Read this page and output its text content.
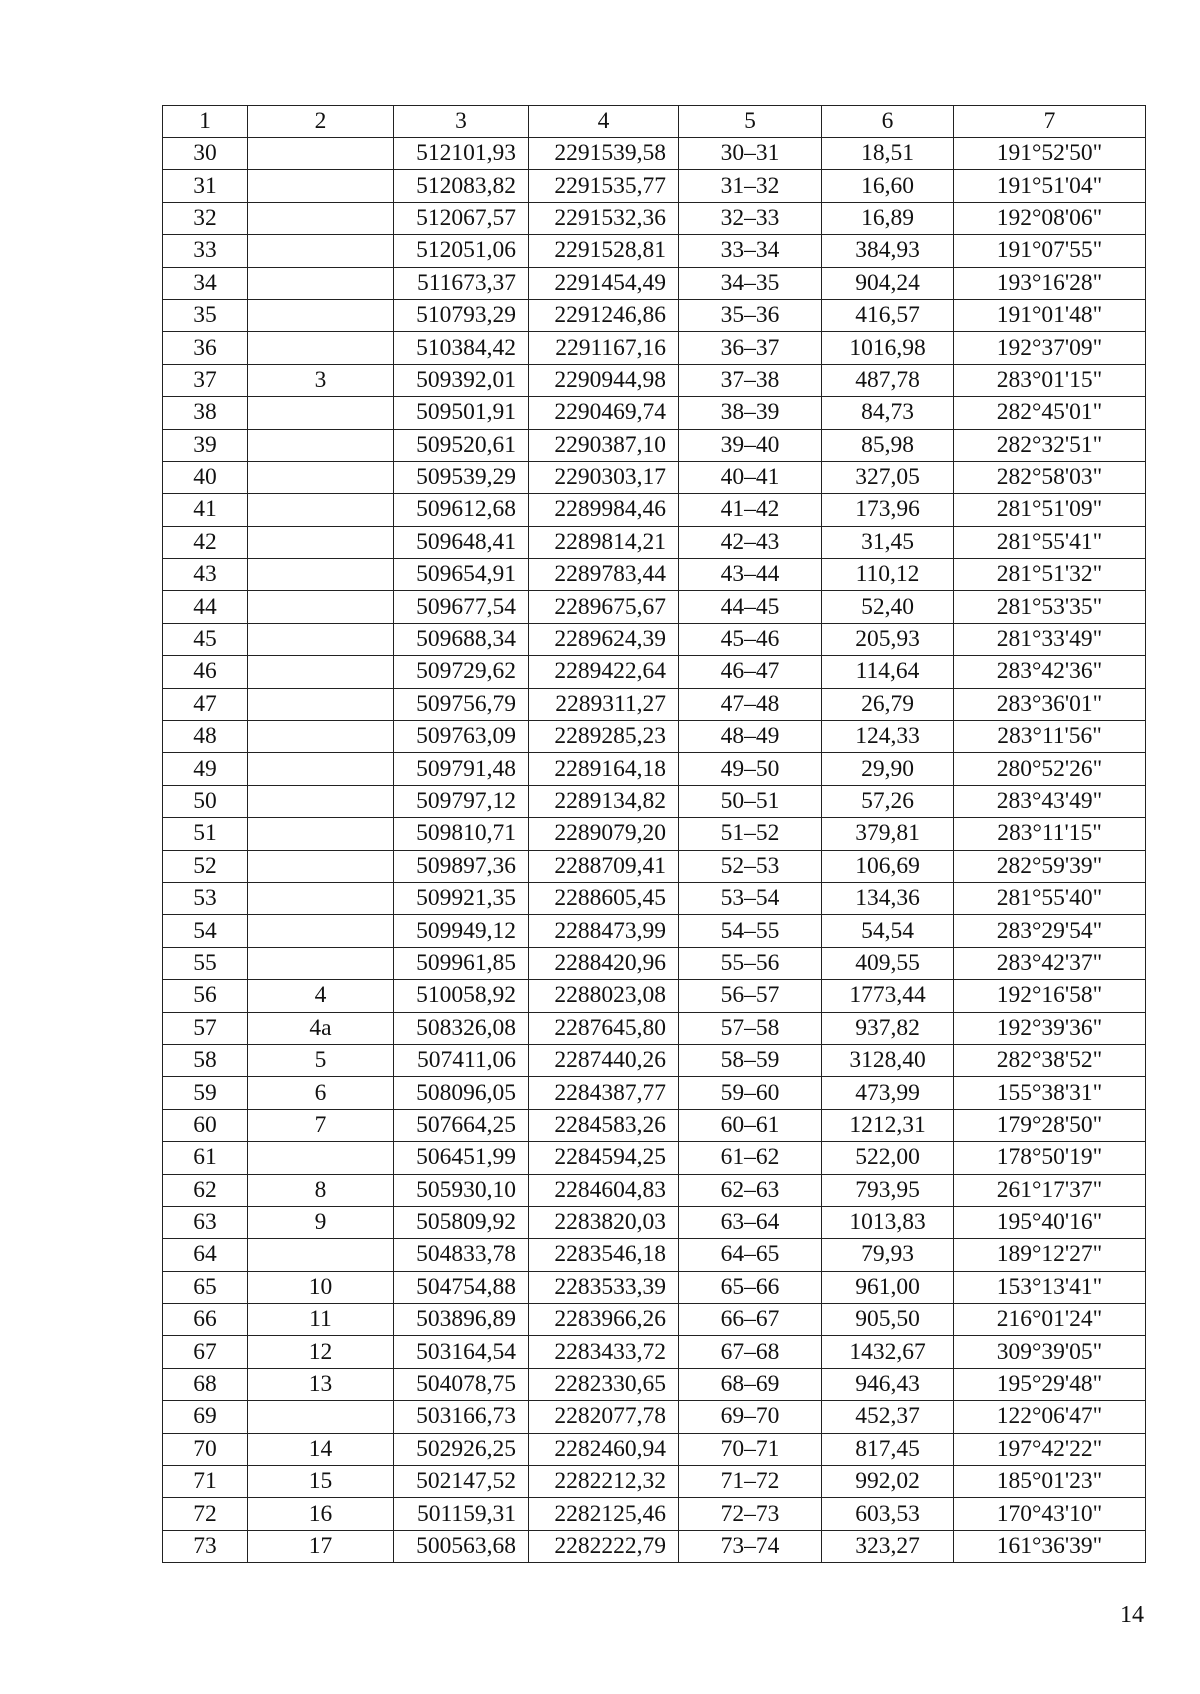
1	2	3	4	5	6	7
30		512101,93	2291539,58	30–31	18,51	191°52'50"
31		512083,82	2291535,77	31–32	16,60	191°51'04"
32		512067,57	2291532,36	32–33	16,89	192°08'06"
33		512051,06	2291528,81	33–34	384,93	191°07'55"
34		511673,37	2291454,49	34–35	904,24	193°16'28"
35		510793,29	2291246,86	35–36	416,57	191°01'48"
36		510384,42	2291167,16	36–37	1016,98	192°37'09"
37	3	509392,01	2290944,98	37–38	487,78	283°01'15"
38		509501,91	2290469,74	38–39	84,73	282°45'01"
39		509520,61	2290387,10	39–40	85,98	282°32'51"
40		509539,29	2290303,17	40–41	327,05	282°58'03"
41		509612,68	2289984,46	41–42	173,96	281°51'09"
42		509648,41	2289814,21	42–43	31,45	281°55'41"
43		509654,91	2289783,44	43–44	110,12	281°51'32"
44		509677,54	2289675,67	44–45	52,40	281°53'35"
45		509688,34	2289624,39	45–46	205,93	281°33'49"
46		509729,62	2289422,64	46–47	114,64	283°42'36"
47		509756,79	2289311,27	47–48	26,79	283°36'01"
48		509763,09	2289285,23	48–49	124,33	283°11'56"
49		509791,48	2289164,18	49–50	29,90	280°52'26"
50		509797,12	2289134,82	50–51	57,26	283°43'49"
51		509810,71	2289079,20	51–52	379,81	283°11'15"
52		509897,36	2288709,41	52–53	106,69	282°59'39"
53		509921,35	2288605,45	53–54	134,36	281°55'40"
54		509949,12	2288473,99	54–55	54,54	283°29'54"
55		509961,85	2288420,96	55–56	409,55	283°42'37"
56	4	510058,92	2288023,08	56–57	1773,44	192°16'58"
57	4a	508326,08	2287645,80	57–58	937,82	192°39'36"
58	5	507411,06	2287440,26	58–59	3128,40	282°38'52"
59	6	508096,05	2284387,77	59–60	473,99	155°38'31"
60	7	507664,25	2284583,26	60–61	1212,31	179°28'50"
61		506451,99	2284594,25	61–62	522,00	178°50'19"
62	8	505930,10	2284604,83	62–63	793,95	261°17'37"
63	9	505809,92	2283820,03	63–64	1013,83	195°40'16"
64		504833,78	2283546,18	64–65	79,93	189°12'27"
65	10	504754,88	2283533,39	65–66	961,00	153°13'41"
66	11	503896,89	2283966,26	66–67	905,50	216°01'24"
67	12	503164,54	2283433,72	67–68	1432,67	309°39'05"
68	13	504078,75	2282330,65	68–69	946,43	195°29'48"
69		503166,73	2282077,78	69–70	452,37	122°06'47"
70	14	502926,25	2282460,94	70–71	817,45	197°42'22"
71	15	502147,52	2282212,32	71–72	992,02	185°01'23"
72	16	501159,31	2282125,46	72–73	603,53	170°43'10"
73	17	500563,68	2282222,79	73–74	323,27	161°36'39"
14
